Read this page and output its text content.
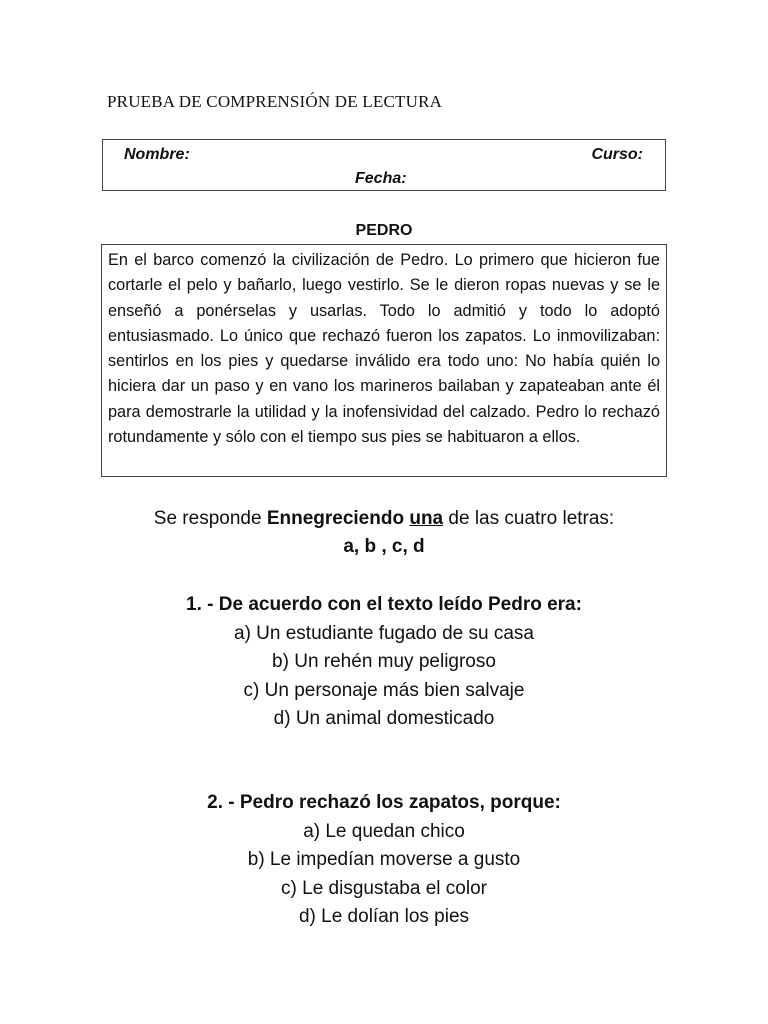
PRUEBA DE COMPRENSIÓN DE LECTURA
Nombre:	Curso:
Fecha:
PEDRO

En el barco comenzó la civilización de Pedro. Lo primero que hicieron fue cortarle el pelo y bañarlo, luego vestirlo. Se le dieron ropas nuevas y se le enseñó a ponérselas y usarlas. Todo lo admitió y todo lo adoptó entusiasmado. Lo único que rechazó fueron los zapatos. Lo inmovilizaban: sentirlos en los pies y quedarse inválido era todo uno: No había quién lo hiciera dar un paso y en vano los marineros bailaban y zapateaban ante él para demostrarle la utilidad y la inofensividad del calzado. Pedro lo rechazó rotundamente y sólo con el tiempo sus pies se habituaron a ellos.

Se responde Ennegreciendo una de las cuatro letras:
a, b , c, d
1. - De acuerdo con el texto leído Pedro era:
a) Un estudiante fugado de su casa
b) Un rehén muy peligroso
c) Un personaje más bien salvaje
d) Un animal domesticado
2. - Pedro rechazó los zapatos, porque:
a) Le quedan chico
b) Le impedían moverse a gusto
c) Le disgustaba el color
d) Le dolían los pies
